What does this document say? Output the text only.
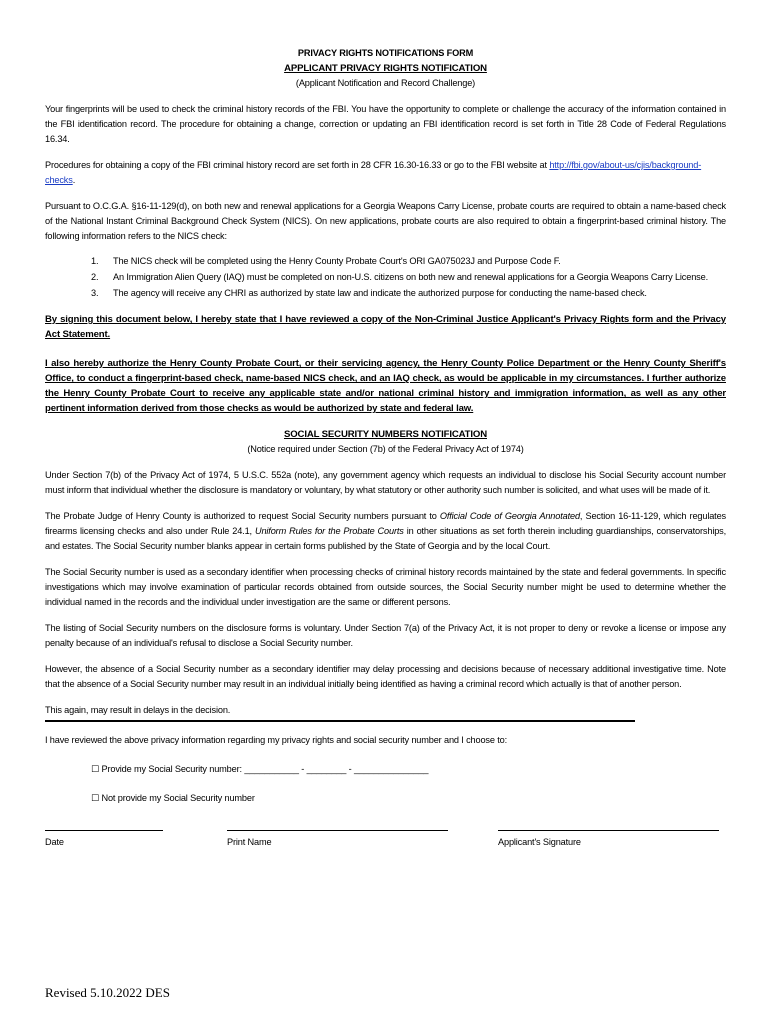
PRIVACY RIGHTS NOTIFICATIONS FORM

APPLICANT PRIVACY RIGHTS NOTIFICATION

(Applicant Notification and Record Challenge)

Your fingerprints will be used to check the criminal history records of the FBI. You have the opportunity to complete or challenge the accuracy of the information contained in the FBI identification record. The procedure for obtaining a change, correction or updating an FBI identification record is set forth in Title 28 Code of Federal Regulations 16.34.

Procedures for obtaining a copy of the FBI criminal history record are set forth in 28 CFR 16.30-16.33 or go to the FBI website at http://fbi.gov/about-us/cjis/background-checks.

Pursuant to O.C.G.A. §16-11-129(d), on both new and renewal applications for a Georgia Weapons Carry License, probate courts are required to obtain a name-based check of the National Instant Criminal Background Check System (NICS). On new applications, probate courts are also required to obtain a fingerprint-based criminal history. The following information refers to the NICS check:

1. The NICS check will be completed using the Henry County Probate Court's ORI GA075023J and Purpose Code F.
2. An Immigration Alien Query (IAQ) must be completed on non-U.S. citizens on both new and renewal applications for a Georgia Weapons Carry License.
3. The agency will receive any CHRI as authorized by state law and indicate the authorized purpose for conducting the name-based check.

By signing this document below, I hereby state that I have reviewed a copy of the Non-Criminal Justice Applicant's Privacy Rights form and the Privacy Act Statement.

I also hereby authorize the Henry County Probate Court, or their servicing agency, the Henry County Police Department or the Henry County Sheriff's Office, to conduct a fingerprint-based check, name-based NICS check, and an IAQ check, as would be applicable in my circumstances. I further authorize the Henry County Probate Court to receive any applicable state and/or national criminal history and immigration information, as well as any other pertinent information derived from those checks as would be authorized by state and federal law.

SOCIAL SECURITY NUMBERS NOTIFICATION

(Notice required under Section (7b) of the Federal Privacy Act of 1974)

Under Section 7(b) of the Privacy Act of 1974, 5 U.S.C. 552a (note), any government agency which requests an individual to disclose his Social Security account number must inform that individual whether the disclosure is mandatory or voluntary, by what statutory or other authority such number is solicited, and what uses will be made of it.

The Probate Judge of Henry County is authorized to request Social Security numbers pursuant to Official Code of Georgia Annotated, Section 16-11-129, which regulates firearms licensing checks and also under Rule 24.1, Uniform Rules for the Probate Courts in other situations as set forth therein including guardianships, conservatorships, and estates. The Social Security number blanks appear in certain forms published by the State of Georgia and by the local Court.

The Social Security number is used as a secondary identifier when processing checks of criminal history records maintained by the state and federal governments. In specific investigations which may involve examination of particular records obtained from outside sources, the Social Security number might be used to determine whether the individual named in the records and the individual under investigation are the same or different persons.

The listing of Social Security numbers on the disclosure forms is voluntary. Under Section 7(a) of the Privacy Act, it is not proper to deny or revoke a license or impose any penalty because of an individual's refusal to disclose a Social Security number.

However, the absence of a Social Security number as a secondary identifier may delay processing and decisions because of necessary additional investigative time. Note that the absence of a Social Security number may result in an individual initially being identified as having a criminal record which actually is that of another person.

This again, may result in delays in the decision.

I have reviewed the above privacy information regarding my privacy rights and social security number and I choose to:

☐ Provide my Social Security number: ___________ - ________ - _______________

☐ Not provide my Social Security number

Date	Print Name	Applicant's Signature
Revised 5.10.2022 DES
